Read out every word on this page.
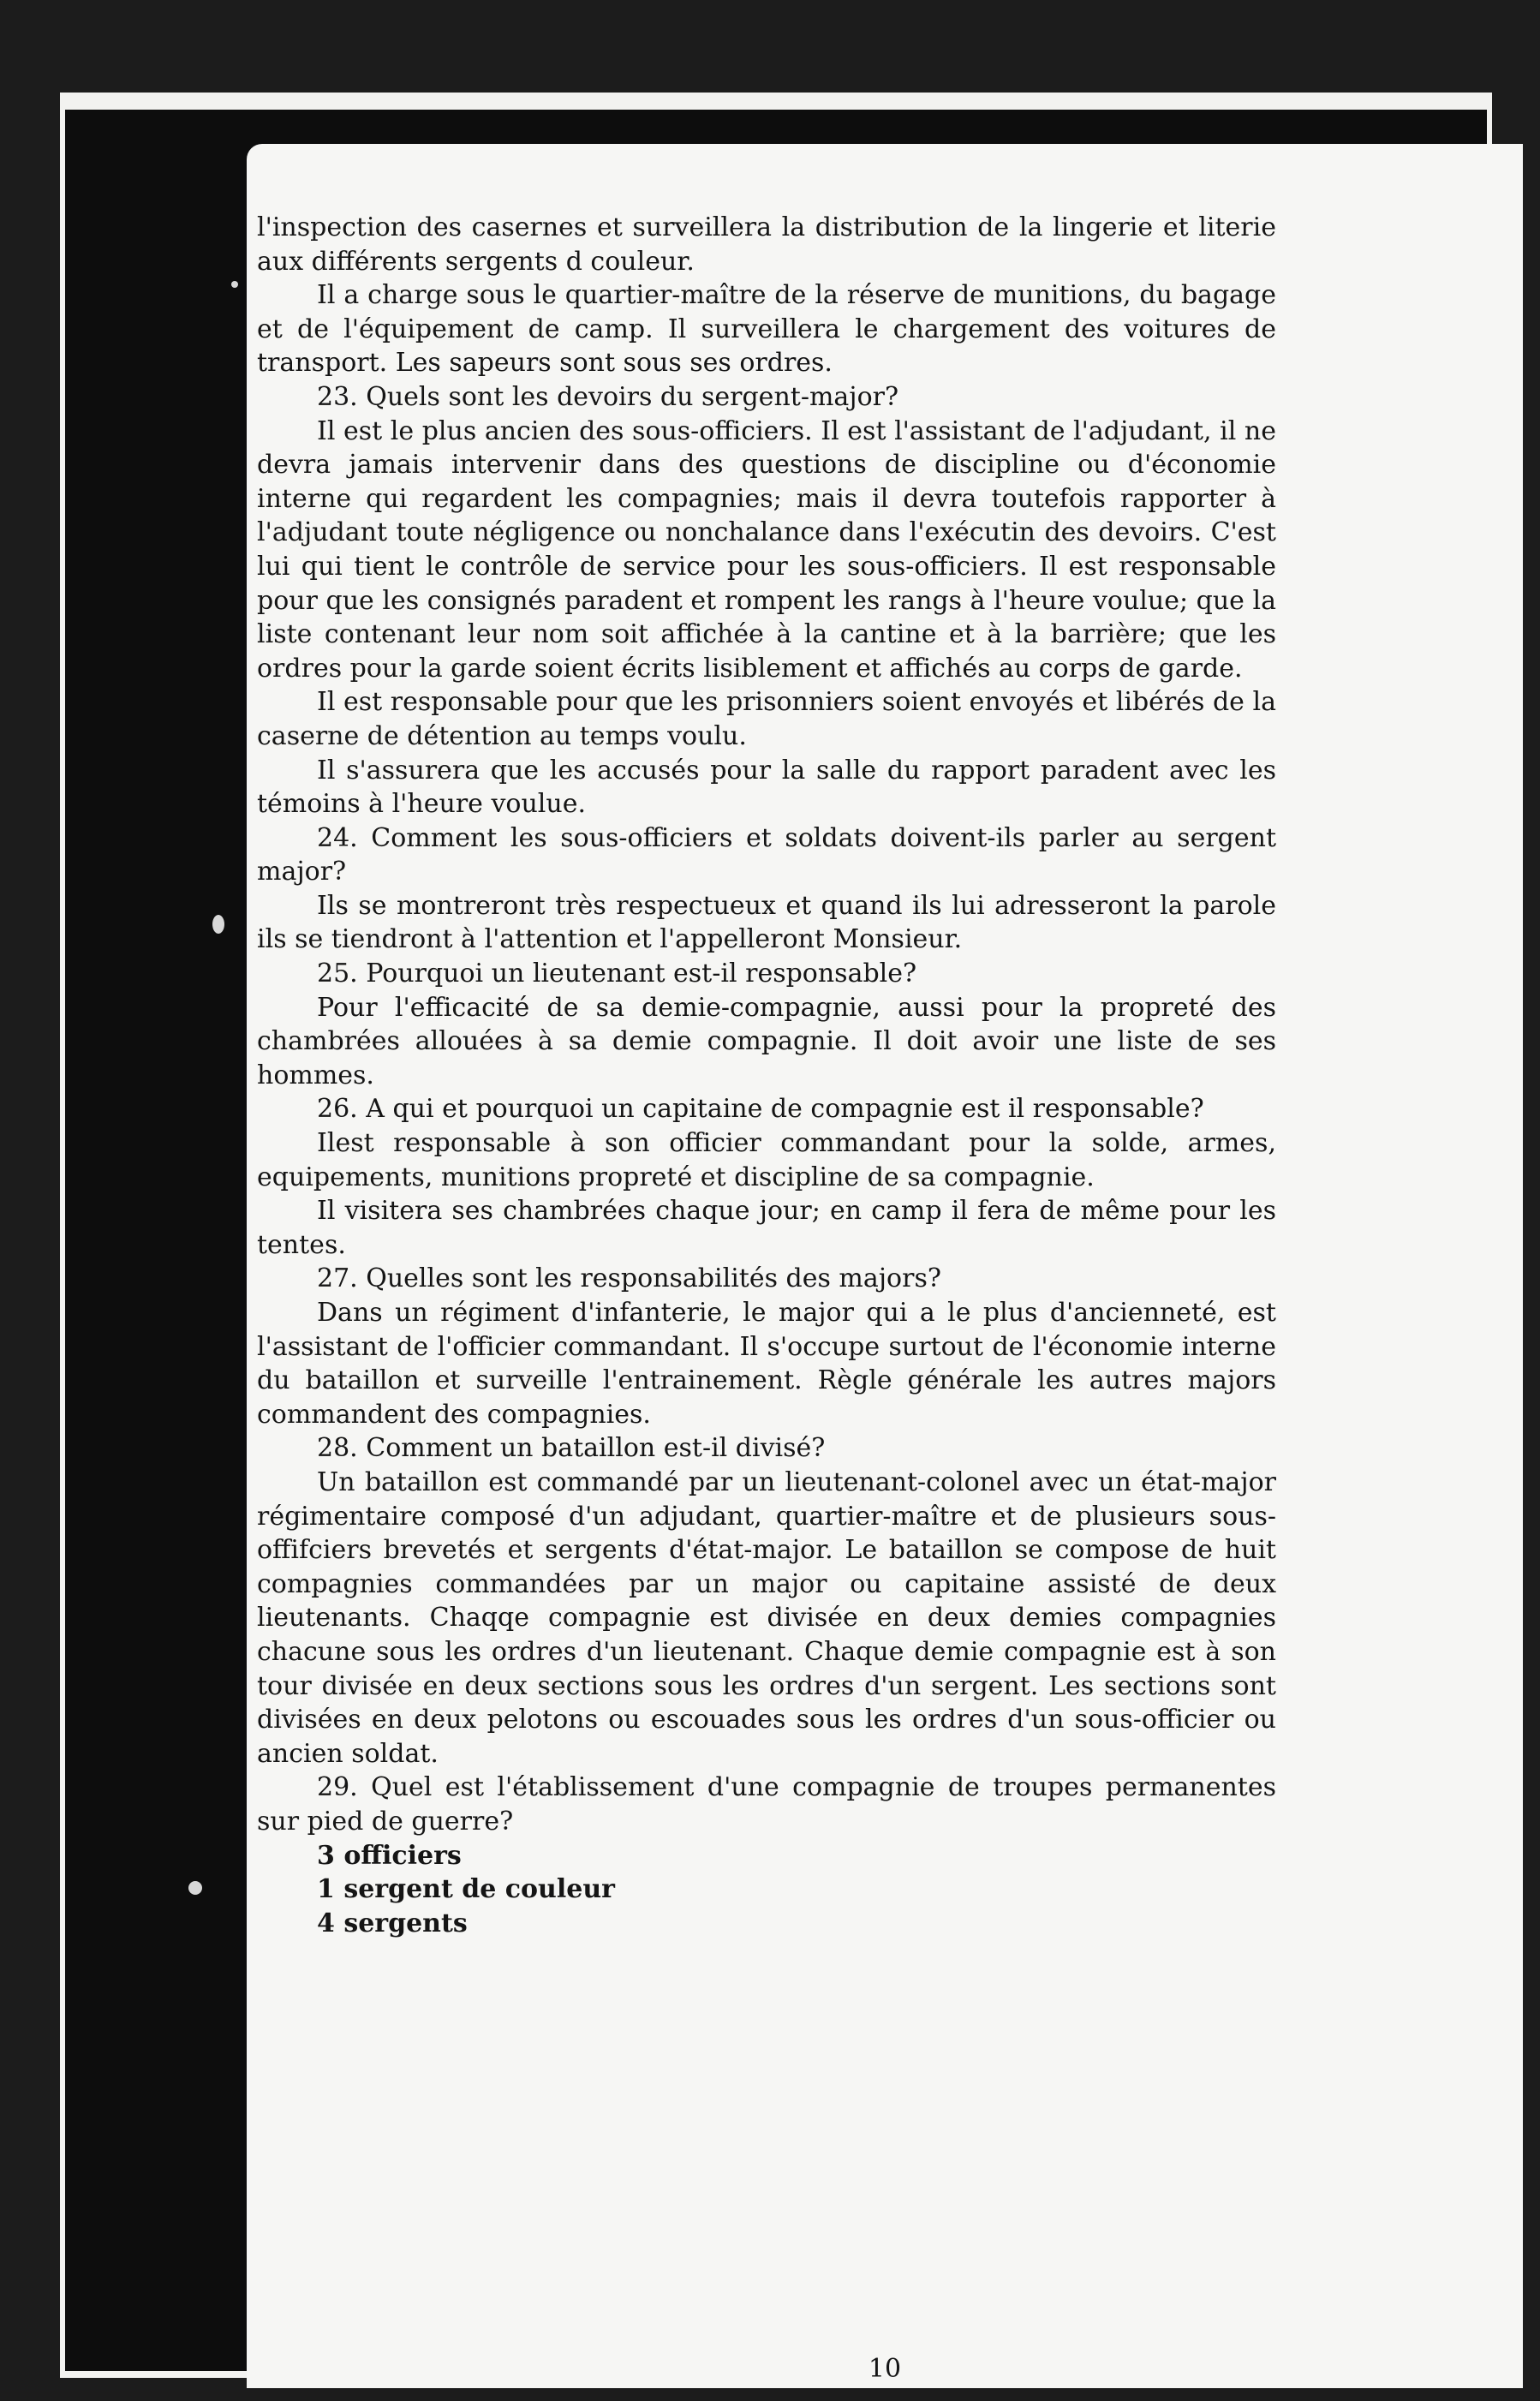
10

l'inspection des casernes et surveillera la distribution de la lingerie et literie aux différents sergents d couleur.

Il a charge sous le quartier-maître de la réserve de munitions, du bagage et de l'équipement de camp. Il surveillera le chargement des voitures de transport. Les sapeurs sont sous ses ordres.

23. Quels sont les devoirs du sergent-major?

Il est le plus ancien des sous-officiers. Il est l'assistant de l'adjudant, il ne devra jamais intervenir dans des questions de discipline ou d'économie interne qui regardent les compagnies; mais il devra toutefois rapporter à l'adjudant toute négligence ou nonchalance dans l'exécutin des devoirs. C'est lui qui tient le contrôle de service pour les sous-officiers. Il est responsable pour que les consignés paradent et rompent les rangs à l'heure voulue; que la liste contenant leur nom soit affichée à la cantine et à la barrière; que les ordres pour la garde soient écrits lisiblement et affichés au corps de garde.

Il est responsable pour que les prisonniers soient envoyés et libérés de la caserne de détention au temps voulu.

Il s'assurera que les accusés pour la salle du rapport paradent avec les témoins à l'heure voulue.

24. Comment les sous-officiers et soldats doivent-ils parler au sergent major?

Ils se montreront très respectueux et quand ils lui adresseront la parole ils se tiendront à l'attention et l'appelleront Monsieur.

25. Pourquoi un lieutenant est-il responsable?

Pour l'efficacité de sa demie-compagnie, aussi pour la propreté des chambrées allouées à sa demie compagnie. Il doit avoir une liste de ses hommes.

26. A qui et pourquoi un capitaine de compagnie est il responsable?

Ilest responsable à son officier commandant pour la solde, armes, equipements, munitions propreté et discipline de sa compagnie.

Il visitera ses chambrées chaque jour; en camp il fera de même pour les tentes.

27. Quelles sont les responsabilités des majors?

Dans un régiment d'infanterie, le major qui a le plus d'ancienneté, est l'assistant de l'officier commandant. Il s'occupe surtout de l'économie interne du bataillon et surveille l'entrainement. Règle générale les autres majors commandent des compagnies.

28. Comment un bataillon est-il divisé?

Un bataillon est commandé par un lieutenant-colonel avec un état-major régimentaire composé d'un adjudant, quartier-maître et de plusieurs sous-offifciers brevetés et sergents d'état-major. Le bataillon se compose de huit compagnies commandées par un major ou capitaine assisté de deux lieutenants. Chaqqe compagnie est divisée en deux demies compagnies chacune sous les ordres d'un lieutenant. Chaque demie compagnie est à son tour divisée en deux sections sous les ordres d'un sergent. Les sections sont divisées en deux pelotons ou escouades sous les ordres d'un sous-officier ou ancien soldat.

29. Quel est l'établissement d'une compagnie de troupes permanentes sur pied de guerre?

3 officiers
1 sergent de couleur
4 sergents
